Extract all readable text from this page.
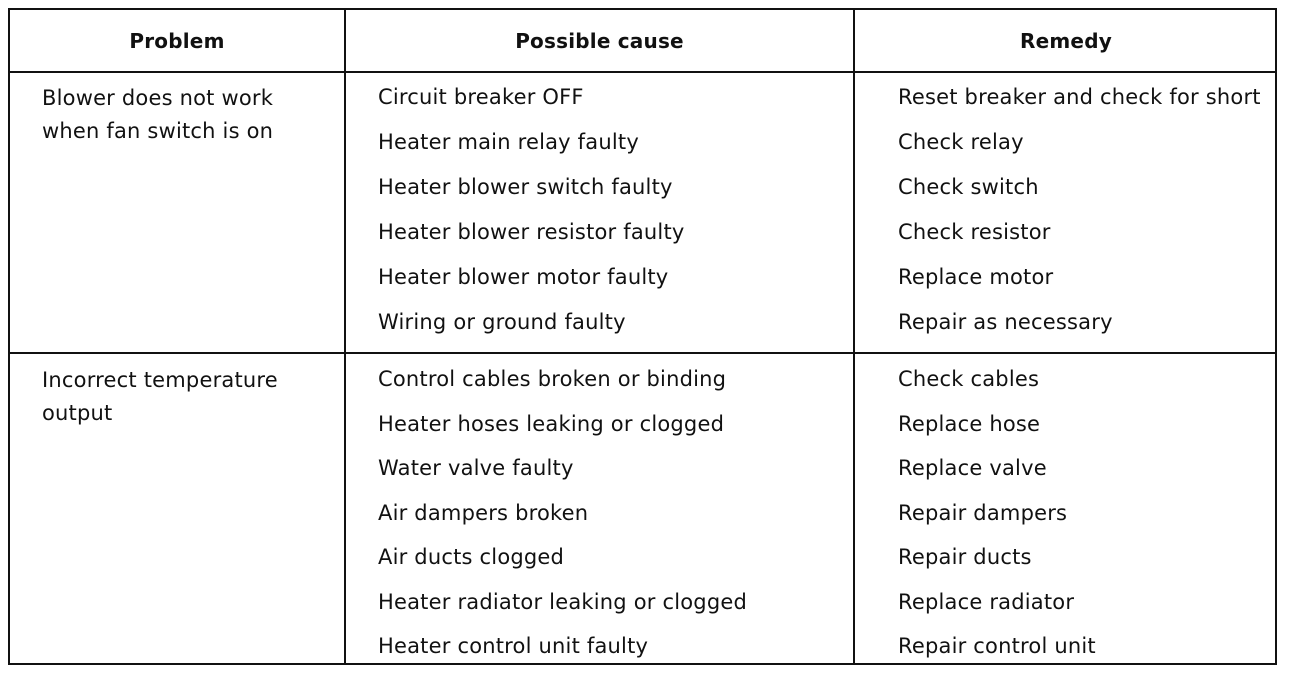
Problem	Possible cause	Remedy
Blower does not work when fan switch is on
Circuit breaker OFF
Heater main relay faulty
Heater blower switch faulty
Heater blower resistor faulty
Heater blower motor faulty
Wiring or ground faulty
Reset breaker and check for short
Check relay
Check switch
Check resistor
Replace motor
Repair as necessary
Incorrect temperature output
Control cables broken or binding
Heater hoses leaking or clogged
Water valve faulty
Air dampers broken
Air ducts clogged
Heater radiator leaking or clogged
Heater control unit faulty
Check cables
Replace hose
Replace valve
Repair dampers
Repair ducts
Replace radiator
Repair control unit
